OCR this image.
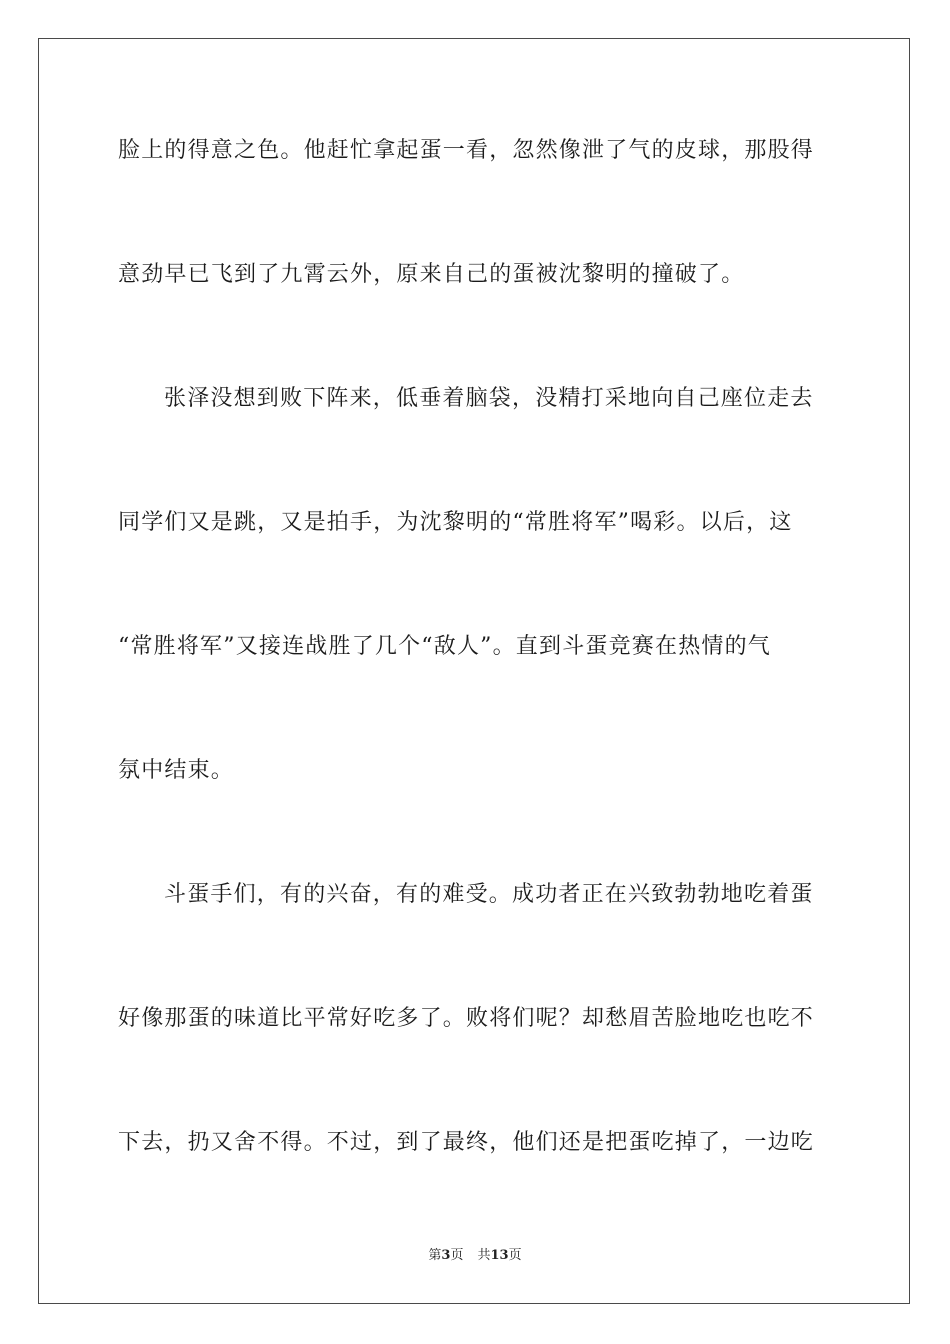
脸上的得意之色。他赶忙拿起蛋一看，忽然像泄了气的皮球，那股得
意劲早已飞到了九霄云外，原来自己的蛋被沈黎明的撞破了。
张泽没想到败下阵来，低垂着脑袋，没精打采地向自己座位走去
同学们又是跳，又是拍手，为沈黎明的“常胜将军”喝彩。以后，这
“常胜将军”又接连战胜了几个“敌人”。直到斗蛋竞赛在热情的气
氛中结束。
斗蛋手们，有的兴奋，有的难受。成功者正在兴致勃勃地吃着蛋
好像那蛋的味道比平常好吃多了。败将们呢？却愁眉苦脸地吃也吃不
下去，扔又舍不得。不过，到了最终，他们还是把蛋吃掉了，一边吃
第3页 共13页
